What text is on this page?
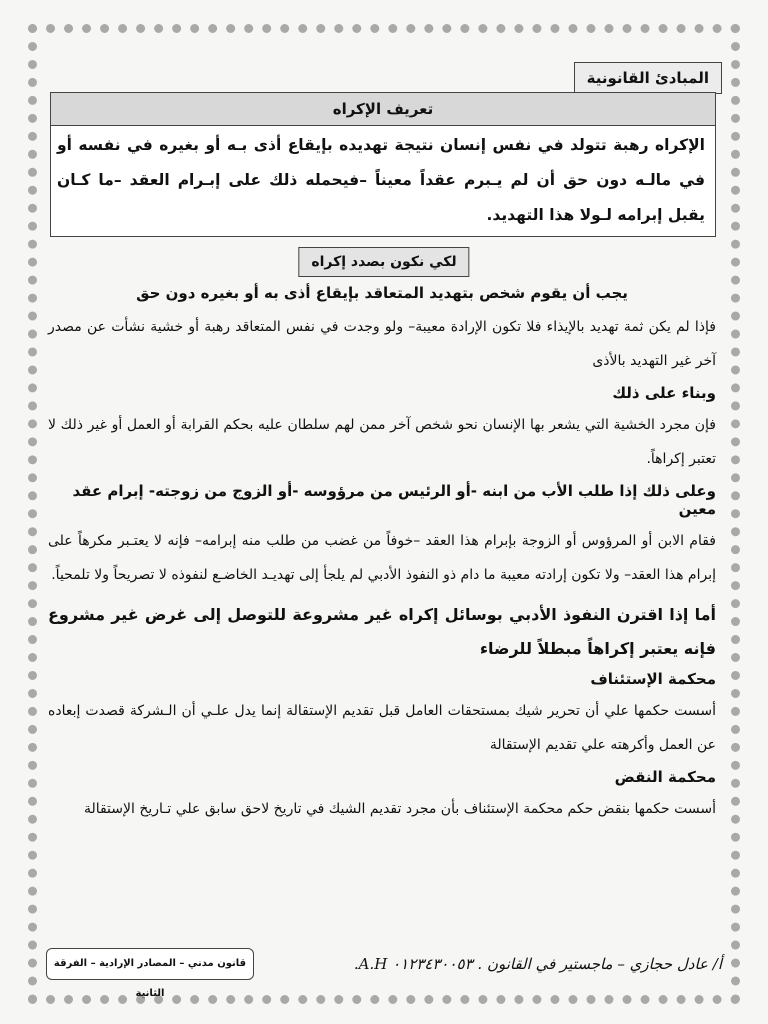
المبادئ القانونية
تعريف الإكراه
الإكراه رهبة تتولد في نفس إنسان نتيجة تهديده بإيقاع أذى بـه أو بغيره في نفسه أو في مالـه دون حق أن لم يـبرم عقداً معيناً –فيحمله ذلك على إبـرام العقد –ما كـان يقبل إبرامه لـولا هذا التهديد.
لكي نكون بصدد إكراه
يجب أن يقوم شخص بتهديد المتعاقد بإيقاع أذى به أو بغيره دون حق
فإذا لم يكن ثمة تهديد بالإيذاء فلا تكون الإرادة معيبة– ولو وجدت في نفس المتعاقد رهبة أو خشية نشأت عن مصدر آخر غير التهديد بالأذى
وبناء على ذلك
فإن مجرد الخشية التي يشعر بها الإنسان نحو شخص آخر ممن لهم سلطان عليه بحكم القرابة أو العمل أو غير ذلك لا تعتبر إكراهاً.
وعلى ذلك إذا طلب الأب من ابنه -أو الرئيس من مرؤوسه -أو الزوج من زوجته- إبرام عقد معين
فقام الابن أو المرؤوس أو الزوجة بإبرام هذا العقد –خوفاً من غضب من طلب منه إبرامه– فإنه لا يعتـبر مكرهاً على إبرام هذا العقد– ولا تكون إرادته معيبة ما دام ذو النفوذ الأدبي لم يلجأ إلى تهديـد الخاضـع لنفوذه لا تصريحاً ولا تلمحياً.
أما إذا اقترن النفوذ الأدبي بوسائل إكراه غير مشروعة للتوصل إلى غرض غير مشروع فإنه يعتبر إكراهاً مبطلاً للرضاء
محكمة الإستئناف
أسست حكمها علي أن تحرير شيك بمستحقات العامل قبل تقديم الإستقالة إنما يدل علـي أن الـشركة قصدت إبعاده عن العمل وأكرهته علي تقديم الإستقالة
محكمة النقض
أسست حكمها بنقض حكم محكمة الإستئناف بأن مجرد تقديم الشيك في تاريخ لاحق سابق علي تـاريخ الإستقالة
أ/ عادل حجازي – ماجستير في القانون . ٠١٢٣٤٣٠٠٥٣ A.H.
قانون مدني – المصادر الإرادية – الفرقة الثانية
